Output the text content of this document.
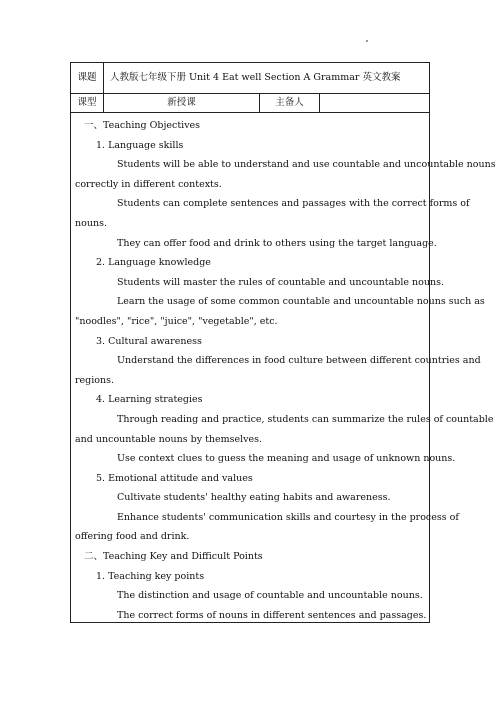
课题	人教版七年级下册 Unit 4 Eat well Section A Grammar 英文教案
课型	新授课	主备人

一、Teaching Objectives

1. Language skills

Students will be able to understand and use countable and uncountable nouns

correctly in different contexts.

Students can complete sentences and passages with the correct forms of

nouns.

They can offer food and drink to others using the target language.

2. Language knowledge

Students will master the rules of countable and uncountable nouns.

Learn the usage of some common countable and uncountable nouns such as

"noodles", "rice", "juice", "vegetable", etc.

3. Cultural awareness

Understand the differences in food culture between different countries and

regions.

4. Learning strategies

Through reading and practice, students can summarize the rules of countable

and uncountable nouns by themselves.

Use context clues to guess the meaning and usage of unknown nouns.

5. Emotional attitude and values

Cultivate students' healthy eating habits and awareness.

Enhance students' communication skills and courtesy in the process of

offering food and drink.

二、Teaching Key and Difficult Points

1. Teaching key points

The distinction and usage of countable and uncountable nouns.

The correct forms of nouns in different sentences and passages.
